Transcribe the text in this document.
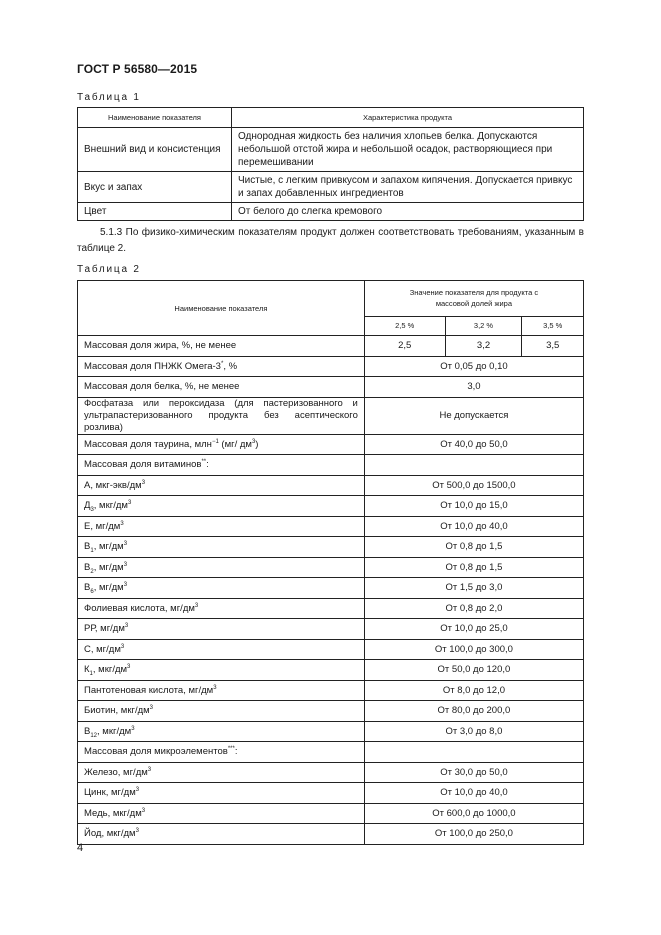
ГОСТ Р 56580—2015
Таблица 1
Наименование показателя	Характеристика продукта
Внешний вид и консистенция	Однородная жидкость без наличия хлопьев белка. Допускаются небольшой отстой жира и небольшой осадок, растворяющиеся при перемешивании
Вкус и запах	Чистые, с легким привкусом и запахом кипячения. Допускается привкус и запах добавленных ингредиентов
Цвет	От белого до слегка кремового
5.1.3 По физико-химическим показателям продукт должен соответствовать требованиям, указанным в таблице 2.
Таблица 2
Наименование показателя	Значение показателя для продукта с массовой долей жира		
	2,5 %	3,2 %	3,5 %
Массовая доля жира, %, не менее	2,5	3,2	3,5
Массовая доля ПНЖК Омега-3*, %	От 0,05 до 0,10		
Массовая доля белка, %, не менее	3,0		
Фосфатаза или пероксидаза (для пастеризованного и ультрапастеризованного продукта без асептического розлива)	Не допускается		
Массовая доля таурина, млн$^{-1}$ (мг/ $дм^3$)	От 40,0 до 50,0		
Массовая доля витаминов**:			
А, мкг-$экв/дм^3$	От 500,0 до 1500,0		
$Д_3$, мкг/$дм^3$	От 10,0 до 15,0		
Е, $мг/дм^3$	От 10,0 до 40,0		
$В_1$, $мг/дм^3$	От 0,8 до 1,5		
$В_2$, $мг/дм^3$	От 0,8 до 1,5		
$В_6$, $мг/дм^3$	От 1,5 до 3,0		
Фолиевая кислота, $мг/дм^3$	От 0,8 до 2,0		
РР, $мг/дм^3$	От 10,0 до 25,0		
С, $мг/дм^3$	От 100,0 до 300,0		
$К_1$, мкг/$дм^3$	От 50,0 до 120,0		
Пантотеновая кислота, $мг/дм^3$	От 8,0 до 12,0		
Биотин, мкг/$дм^3$	От 80,0 до 200,0		
$В_{12}$, мкг/$дм^3$	От 3,0 до 8,0		
Массовая доля микроэлементов***:			
Железо, $мг/дм^3$	От 30,0 до 50,0		
Цинк, $мг/дм^3$	От 10,0 до 40,0		
Медь, мкг/$дм^3$	От 600,0 до 1000,0		
Йод, мкг/$дм^3$	От 100,0 до 250,0		
4
